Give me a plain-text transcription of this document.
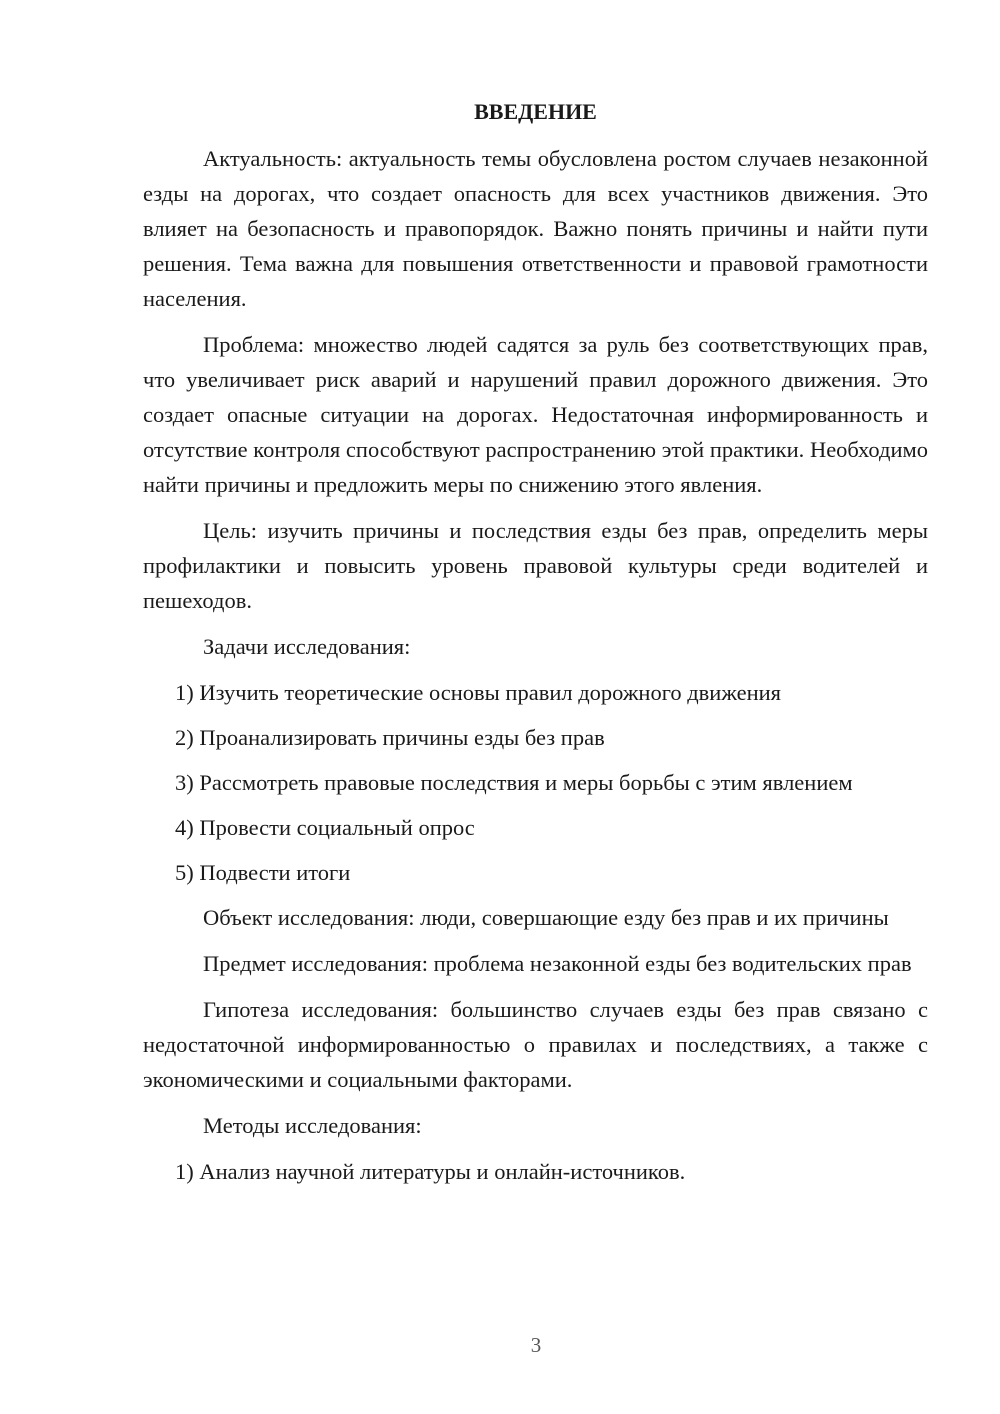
ВВЕДЕНИЕ

Актуальность: актуальность темы обусловлена ростом случаев незаконной езды на дорогах, что создает опасность для всех участников движения. Это влияет на безопасность и правопорядок. Важно понять причины и найти пути решения. Тема важна для повышения ответственности и правовой грамотности населения.

Проблема: множество людей садятся за руль без соответствующих прав, что увеличивает риск аварий и нарушений правил дорожного движения. Это создает опасные ситуации на дорогах. Недостаточная информированность и отсутствие контроля способствуют распространению этой практики. Необходимо найти причины и предложить меры по снижению этого явления.

Цель: изучить причины и последствия езды без прав, определить меры профилактики и повысить уровень правовой культуры среди водителей и пешеходов.

Задачи исследования:

1) Изучить теоретические основы правил дорожного движения
2) Проанализировать причины езды без прав
3) Рассмотреть правовые последствия и меры борьбы с этим явлением
4) Провести социальный опрос
5) Подвести итоги

Объект исследования: люди, совершающие езду без прав и их причины

Предмет исследования: проблема незаконной езды без водительских прав

Гипотеза исследования: большинство случаев езды без прав связано с недостаточной информированностью о правилах и последствиях, а также с экономическими и социальными факторами.

Методы исследования:

1) Анализ научной литературы и онлайн-источников.
3
